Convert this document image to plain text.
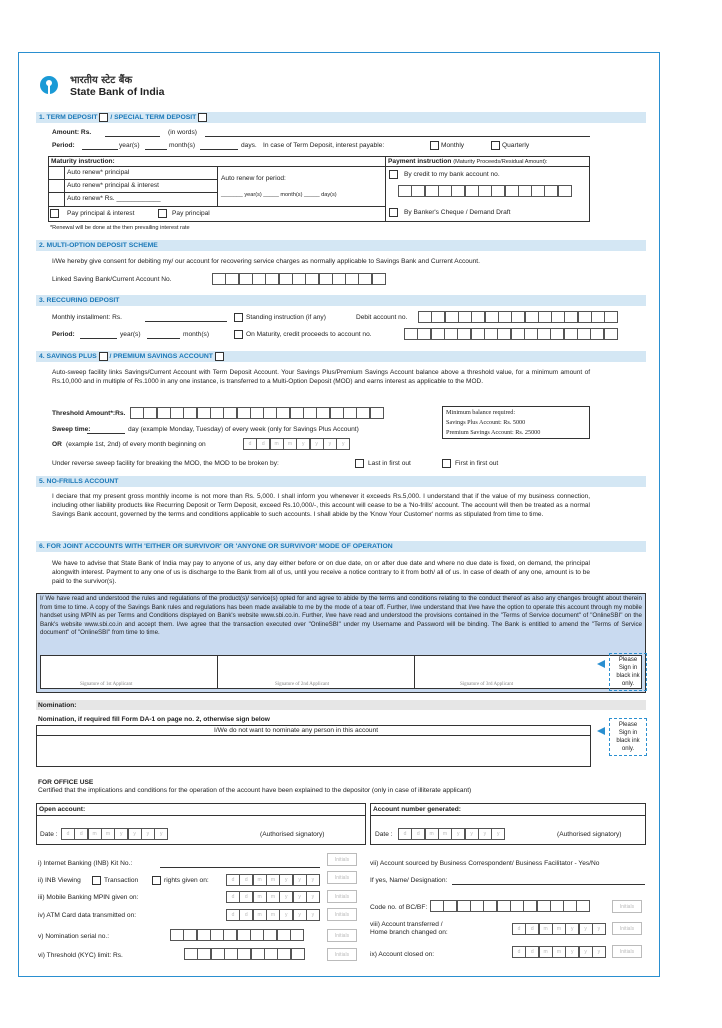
भारतीय स्टेट बैंक
State Bank of India
1. TERM DEPOSIT / SPECIAL TERM DEPOSIT
Amount: Rs.	(in words)
Period:	year(s)	month(s)	days. In case of Term Deposit, interest payable:	Monthly	Quarterly
Maturity instruction:	Payment instruction (Maturity Proceeds/Residual Amount):
Auto renew* principal
Auto renew* principal & interest
Auto renew* Rs. ____________
Auto renew for period:
_______ year(s) _____ month(s) _____ day(s)
Pay principal & interest	Pay principal
By credit to my bank account no.
By Banker's Cheque / Demand Draft
*Renewal will be done at the then prevailing interest rate
2. MULTI-OPTION DEPOSIT SCHEME
I/We hereby give consent for debiting my/ our account for recovering service charges as normally applicable to Savings Bank and Current Account.
Linked Saving Bank/Current Account No.
3. RECCURING DEPOSIT
Monthly installment: Rs.	Standing instruction (if any)	Debit account no.
Period:	year(s)	month(s)	On Maturity, credit proceeds to account no.
4. SAVINGS PLUS / PREMIUM SAVINGS ACCOUNT
Auto-sweep facility links Savings/Current Account with Term Deposit Account. Your Savings Plus/Premium Savings Account balance above a threshold value, for a minimum amount of Rs.10,000 and in multiple of Rs.1000 in any one instance, is transferred to a Multi-Option Deposit (MOD) and earns interest as applicable to the MOD.
Threshold Amount*:Rs.	Minimum balance required:
Savings Plus Account: Rs. 5000
Premium Savings Account: Rs. 25000
Sweep time:	day (example Monday, Tuesday) of every week (only for Savings Plus Account)
OR (example 1st, 2nd) of every month beginning on	d	d	m	m	y	y	y	y
Under reverse sweep facility for breaking the MOD, the MOD to be broken by:	Last in first out	First in first out
5. NO-FRILLS ACCOUNT
I deciare that my present gross monthly income is not more than Rs. 5,000. I shall inform you whenever it exceeds Rs.5,000. I understand that if the value of my business connection, including other liability products like Recurring Deposit or Term Deposit, exceed Rs.10,000/-, this account will cease to be a 'No-frills' account. The account will then be treated as a normal Savings Bank account, governed by the terms and conditions applicable to such accounts. I shall abide by the 'Know Your Customer' norms as stipulated from time to time.
6. FOR JOINT ACCOUNTS WITH 'EITHER OR SURVIVOR' OR 'ANYONE OR SURVIVOR' MODE OF OPERATION
We have to advise that State Bank of India may pay to anyone of us, any day either before or on due date, on or after due date and where no due date is fixed, on demand, the principal alongwith interest. Payment to any one of us is discharge to the Bank from all of us, until you receive a notice contrary to it from both/ all of us. In case of death of any one, amount is to be paid to the survivor(s).
I/ We have read and understood the rules and regulations of the product(s)/ service(s) opted for and agree to abide by the terms and conditions relating to the conduct thereof as also any changes brought about therein from time to time. A copy of the Savings Bank rules and regulations has been made available to me by the mode of a tear off. Further, I/we understand that I/we have the option to operate this account through my mobile handset using MPIN as per Terms and Conditions displayed on Bank's website www.sbi.co.in. Further, I/we have read and understood the provisions contained in the "Terms of Service document" of "OnlineSBI" on the Bank's website www.sbi.co.in and accept them. I/we agree that the transaction executed over "OnlineSBI" under my Username and Password will be binding. The Bank is entitled to amend the "Terms of Service document" of "OnlineSBI" from time to time.
Signature of 1st Applicant	Signature of 2nd Applicant	Signature of 3rd Applicant
Please
Sign in
black ink
only.
Nomination:
Nomination, if required fill Form DA-1 on page no. 2, otherwise sign below
I/We do not want to nominate any person in this account
Please
Sign in
black ink
only.
FOR OFFICE USE
Certified that the implications and conditions for the operation of the account have been explained to the depositor (only in case of illiterate applicant)
Open account:
Date :	d	d	m	m	y	y	y	y	(Authorised signatory)
Account number generated:
Date :	d	d	m	m	y	y	y	y	(Authorised signatory)
i) Internet Banking (INB) Kit No.:	Initials
ii) INB Viewing	Transaction	rights given on:	d	d	m	m	y	y	y	Initials
iii) Mobile Banking MPIN given on:	d	d	m	m	y	y	y	Initials
iv) ATM Card data transmitted on:	d	d	m	m	y	y	y	Initials
v) Nomination serial no.:	Initials
vi) Threshold (KYC) limit: Rs.	Initials
vii) Account sourced by Business Correspondent/ Business Facilitator - Yes/No
If yes, Name/ Designation:
Code no. of BC/BF:	Initials
viii) Account transferred /
Home branch changed on:	d	d	m	m	y	y	y	Initials
ix) Account closed on:	d	d	m	m	y	y	y	Initials
